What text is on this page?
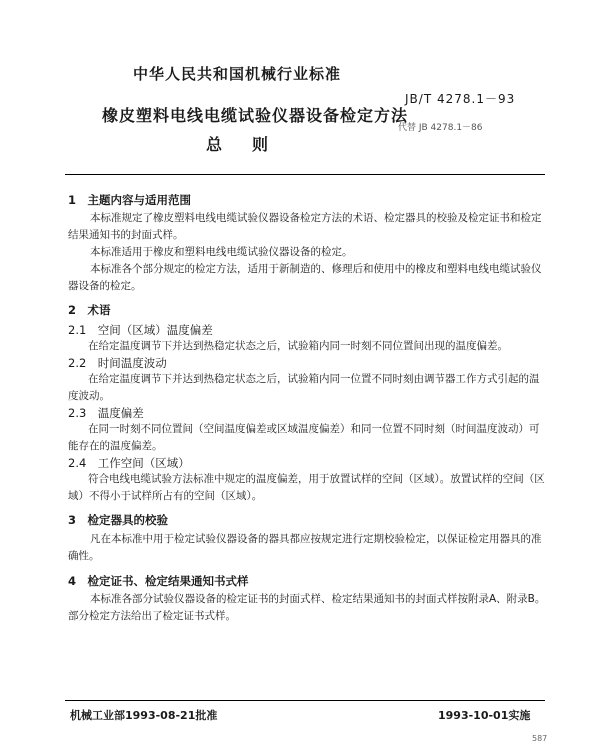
中华人民共和国机械行业标准
JB/T 4278.1－93
橡皮塑料电线电缆试验仪器设备检定方法
代替 JB 4278.1－86
总则
1　主题内容与适用范围
本标准规定了橡皮塑料电线电缆试验仪器设备检定方法的术语、检定器具的校验及检定证书和检定结果通知书的封面式样。
本标准适用于橡皮和塑料电线电缆试验仪器设备的检定。
本标准各个部分规定的检定方法，适用于新制造的、修理后和使用中的橡皮和塑料电线电缆试验仪器设备的检定。
2　术语
2.1　空间（区域）温度偏差
在给定温度调节下并达到热稳定状态之后，试验箱内同一时刻不同位置间出现的温度偏差。
2.2　时间温度波动
在给定温度调节下并达到热稳定状态之后，试验箱内同一位置不同时刻由调节器工作方式引起的温度波动。
2.3　温度偏差
在同一时刻不同位置间（空间温度偏差或区域温度偏差）和同一位置不同时刻（时间温度波动）可能存在的温度偏差。
2.4　工作空间（区域）
符合电线电缆试验方法标准中规定的温度偏差，用于放置试样的空间（区域）。放置试样的空间（区域）不得小于试样所占有的空间（区域）。
3　检定器具的校验
凡在本标准中用于检定试验仪器设备的器具都应按规定进行定期校验检定，以保证检定用器具的准确性。
4　检定证书、检定结果通知书式样
本标准各部分试验仪器设备的检定证书的封面式样、检定结果通知书的封面式样按附录A、附录B。部分检定方法给出了检定证书式样。
机械工业部1993-08-21批准	1993-10-01实施
587
